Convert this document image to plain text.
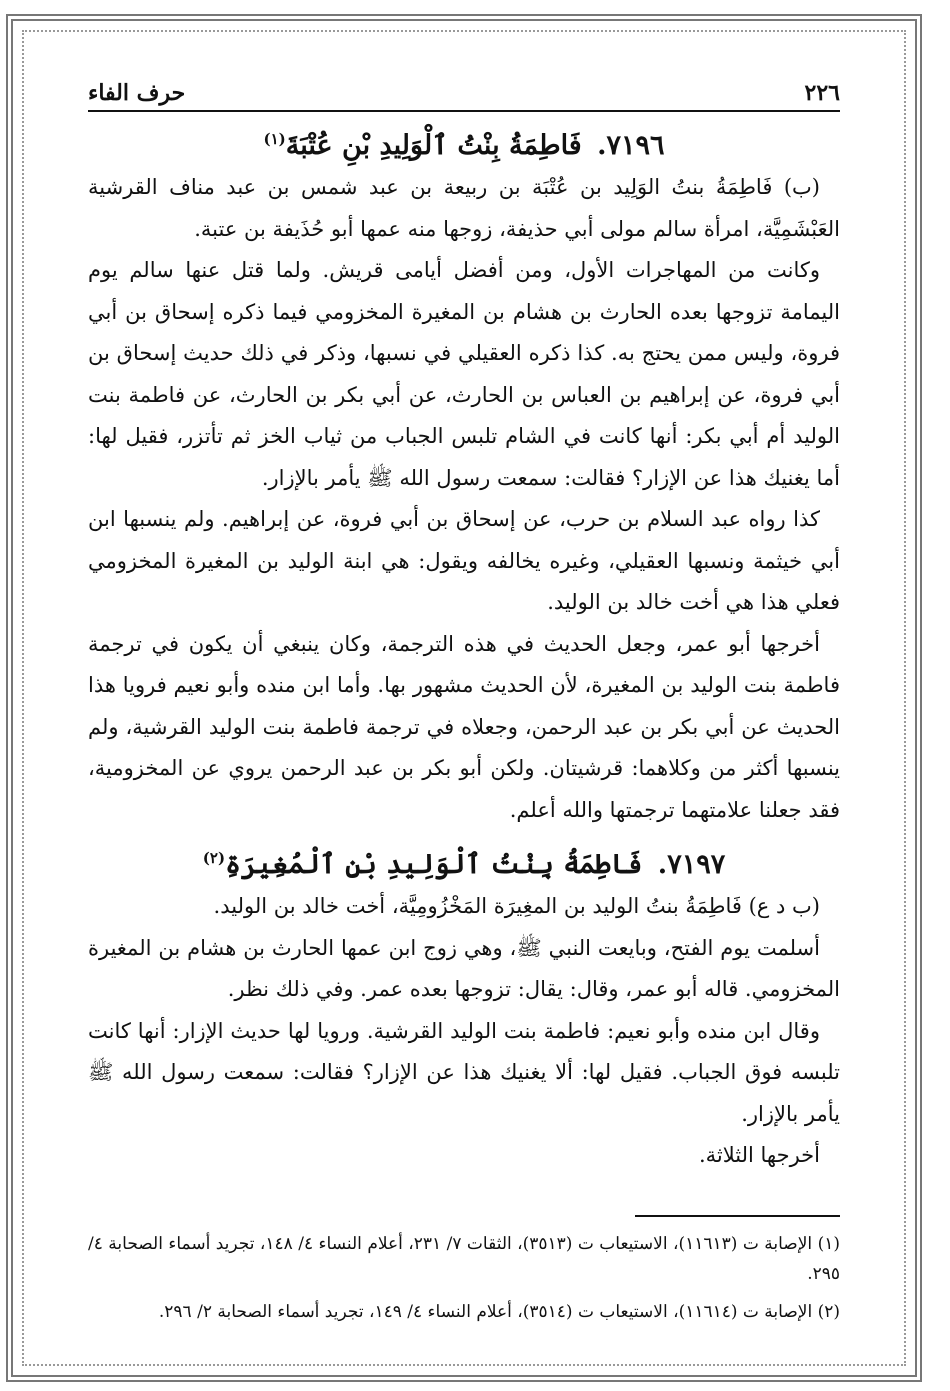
٢٢٦
حرف الفاء
٧١٩٦. فَاطِمَةُ بِنْتُ ٱلْوَلِيدِ بْنِ عُتْبَةَ$^{(١)}$

(ب) فَاطِمَةُ بنتُ الوَلِيد بن عُتْبَة بن ربيعة بن عبد شمس بن عبد مناف القرشية العَبْشَمِيَّة، امرأة سالم مولى أبي حذيفة، زوجها منه عمها أبو حُذَيفة بن عتبة.

وكانت من المهاجرات الأول، ومن أفضل أيامى قريش. ولما قتل عنها سالم يوم اليمامة تزوجها بعده الحارث بن هشام بن المغيرة المخزومي فيما ذكره إسحاق بن أبي فروة، وليس ممن يحتج به. كذا ذكره العقيلي في نسبها، وذكر في ذلك حديث إسحاق بن أبي فروة، عن إبراهيم بن العباس بن الحارث، عن أبي بكر بن الحارث، عن فاطمة بنت الوليد أم أبي بكر: أنها كانت في الشام تلبس الجباب من ثياب الخز ثم تأتزر، فقيل لها: أما يغنيك هذا عن الإزار؟ فقالت: سمعت رسول الله ﷺ يأمر بالإزار.

كذا رواه عبد السلام بن حرب، عن إسحاق بن أبي فروة، عن إبراهيم. ولم ينسبها ابن أبي خيثمة ونسبها العقيلي، وغيره يخالفه ويقول: هي ابنة الوليد بن المغيرة المخزومي فعلي هذا هي أخت خالد بن الوليد.

أخرجها أبو عمر، وجعل الحديث في هذه الترجمة، وكان ينبغي أن يكون في ترجمة فاطمة بنت الوليد بن المغيرة، لأن الحديث مشهور بها. وأما ابن منده وأبو نعيم فرويا هذا الحديث عن أبي بكر بن عبد الرحمن، وجعلاه في ترجمة فاطمة بنت الوليد القرشية، ولم ينسبها أكثر من وكلاهما: قرشيتان. ولكن أبو بكر بن عبد الرحمن يروي عن المخزومية، فقد جعلنا علامتهما ترجمتها والله أعلم.

٧١٩٧. فَاطِمَةُ بِنْتُ ٱلْوَلِيدِ بْنِ ٱلْمُغِيرَةِ$^{(٢)}$

(ب د ع) فَاطِمَةُ بنتُ الوليد بن المغِيرَة المَخْزُومِيَّة، أخت خالد بن الوليد.

أسلمت يوم الفتح، وبايعت النبي ﷺ، وهي زوج ابن عمها الحارث بن هشام بن المغيرة المخزومي. قاله أبو عمر، وقال: يقال: تزوجها بعده عمر. وفي ذلك نظر.

وقال ابن منده وأبو نعيم: فاطمة بنت الوليد القرشية. ورويا لها حديث الإزار: أنها كانت تلبسه فوق الجباب. فقيل لها: ألا يغنيك هذا عن الإزار؟ فقالت: سمعت رسول الله ﷺ يأمر بالإزار.

أخرجها الثلاثة.

(١) الإصابة ت (١١٦١٣)، الاستيعاب ت (٣٥١٣)، الثقات ٧/ ٢٣١، أعلام النساء ٤/ ١٤٨، تجريد أسماء الصحابة ٤/ ٢٩٥.

(٢) الإصابة ت (١١٦١٤)، الاستيعاب ت (٣٥١٤)، أعلام النساء ٤/ ١٤٩، تجريد أسماء الصحابة ٢/ ٢٩٦.
